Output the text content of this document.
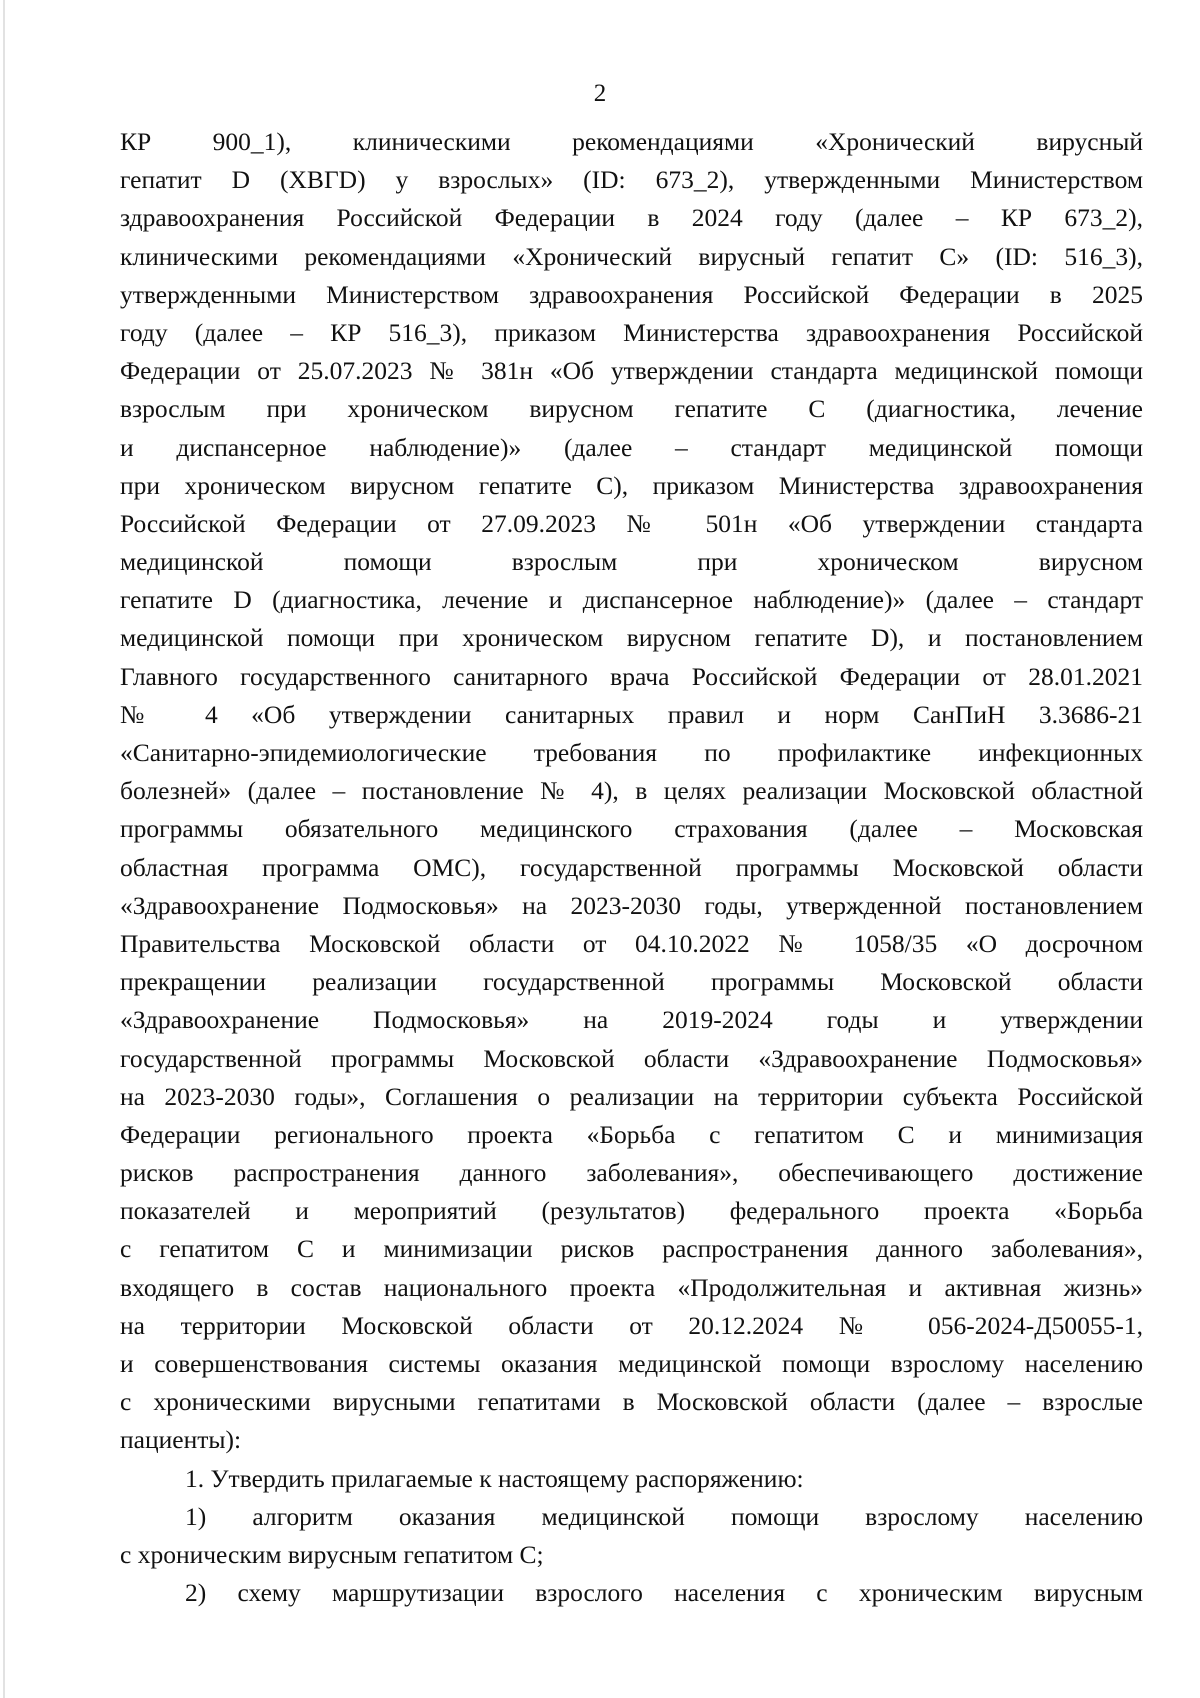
2
КР 900_1), клиническими рекомендациями «Хронический вирусный
гепатит D (ХВГD) у взрослых» (ID: 673_2), утвержденными Министерством
здравоохранения Российской Федерации в 2024 году (далее – КР 673_2),
клиническими рекомендациями «Хронический вирусный гепатит С» (ID: 516_3),
утвержденными Министерством здравоохранения Российской Федерации в 2025
году (далее – КР 516_3), приказом Министерства здравоохранения Российской
Федерации от 25.07.2023 № 381н «Об утверждении стандарта медицинской помощи
взрослым при хроническом вирусном гепатите С (диагностика, лечение
и диспансерное наблюдение)» (далее – стандарт медицинской помощи
при хроническом вирусном гепатите С), приказом Министерства здравоохранения
Российской Федерации от 27.09.2023 № 501н «Об утверждении стандарта
медицинской помощи взрослым при хроническом вирусном
гепатите D (диагностика, лечение и диспансерное наблюдение)» (далее – стандарт
медицинской помощи при хроническом вирусном гепатите D), и постановлением
Главного государственного санитарного врача Российской Федерации от 28.01.2021
№ 4 «Об утверждении санитарных правил и норм СанПиН 3.3686-21
«Санитарно-эпидемиологические требования по профилактике инфекционных
болезней» (далее – постановление № 4), в целях реализации Московской областной
программы обязательного медицинского страхования (далее – Московская
областная программа ОМС), государственной программы Московской области
«Здравоохранение Подмосковья» на 2023-2030 годы, утвержденной постановлением
Правительства Московской области от 04.10.2022 № 1058/35 «О досрочном
прекращении реализации государственной программы Московской области
«Здравоохранение Подмосковья» на 2019-2024 годы и утверждении
государственной программы Московской области «Здравоохранение Подмосковья»
на 2023-2030 годы», Соглашения о реализации на территории субъекта Российской
Федерации регионального проекта «Борьба с гепатитом С и минимизация
рисков распространения данного заболевания», обеспечивающего достижение
показателей и мероприятий (результатов) федерального проекта «Борьба
с гепатитом С и минимизации рисков распространения данного заболевания»,
входящего в состав национального проекта «Продолжительная и активная жизнь»
на территории Московской области от 20.12.2024 № 056-2024-Д50055-1,
и совершенствования системы оказания медицинской помощи взрослому населению
с хроническими вирусными гепатитами в Московской области (далее – взрослые
пациенты):
1. Утвердить прилагаемые к настоящему распоряжению:
1) алгоритм оказания медицинской помощи взрослому населению
с хроническим вирусным гепатитом С;
2) схему маршрутизации взрослого населения с хроническим вирусным
